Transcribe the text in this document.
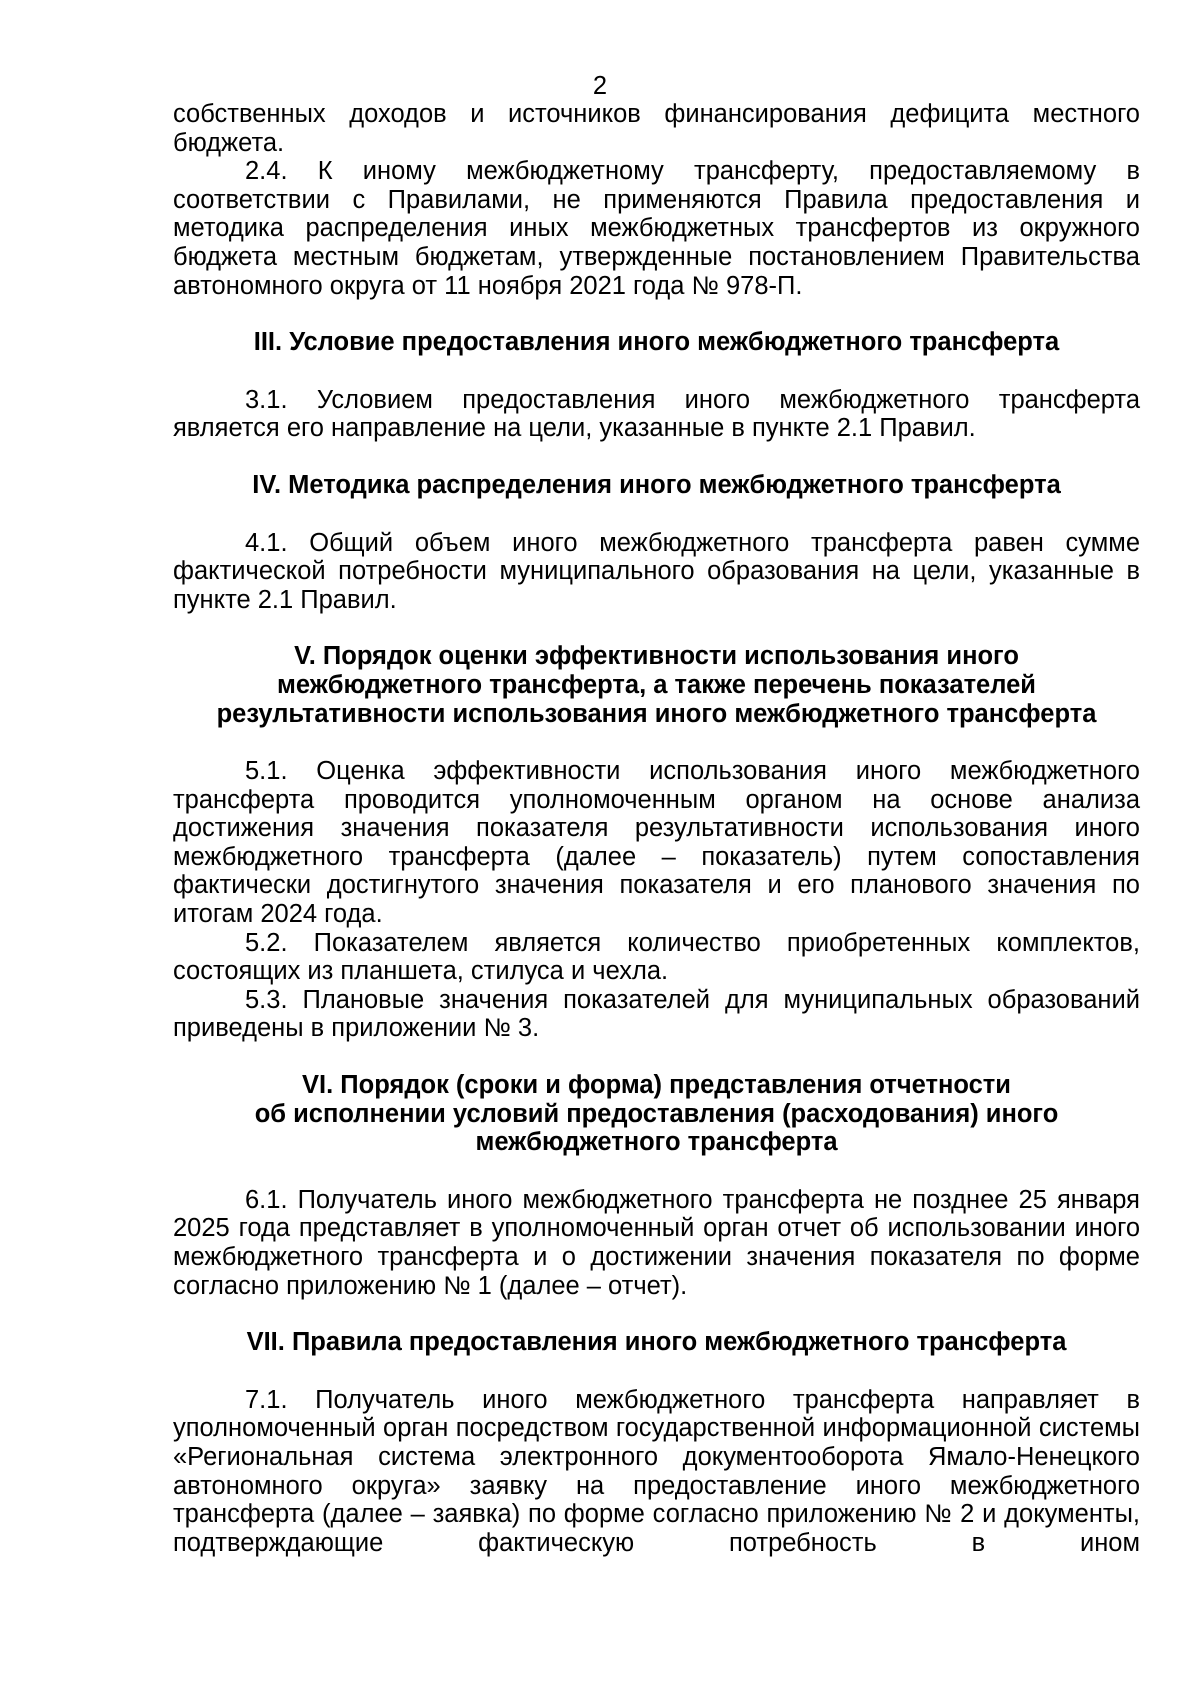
2

собственных доходов и источников финансирования дефицита местного бюджета.

2.4. К иному межбюджетному трансферту, предоставляемому в соответствии с Правилами, не применяются Правила предоставления и методика распределения иных межбюджетных трансфертов из окружного бюджета местным бюджетам, утвержденные постановлением Правительства автономного округа от 11 ноября 2021 года № 978-П.

III. Условие предоставления иного межбюджетного трансферта

3.1. Условием предоставления иного межбюджетного трансферта является его направление на цели, указанные в пункте 2.1 Правил.

IV. Методика распределения иного межбюджетного трансферта

4.1. Общий объем иного межбюджетного трансферта равен сумме фактической потребности муниципального образования на цели, указанные в пункте 2.1 Правил.

V. Порядок оценки эффективности использования иного
межбюджетного трансферта, а также перечень показателей
результативности использования иного межбюджетного трансферта

5.1. Оценка эффективности использования иного межбюджетного трансферта проводится уполномоченным органом на основе анализа достижения значения показателя результативности использования иного межбюджетного трансферта (далее – показатель) путем сопоставления фактически достигнутого значения показателя и его планового значения по итогам 2024 года.

5.2. Показателем является количество приобретенных комплектов, состоящих из планшета, стилуса и чехла.

5.3. Плановые значения показателей для муниципальных образований приведены в приложении № 3.

VI. Порядок (сроки и форма) представления отчетности
об исполнении условий предоставления (расходования) иного
межбюджетного трансферта

6.1. Получатель иного межбюджетного трансферта не позднее 25 января 2025 года представляет в уполномоченный орган отчет об использовании иного межбюджетного трансферта и о достижении значения показателя по форме согласно приложению № 1 (далее – отчет).

VII. Правила предоставления иного межбюджетного трансферта

7.1. Получатель иного межбюджетного трансферта направляет в уполномоченный орган посредством государственной информационной системы «Региональная система электронного документооборота Ямало-Ненецкого автономного округа» заявку на предоставление иного межбюджетного трансферта (далее – заявка) по форме согласно приложению № 2 и документы, подтверждающие фактическую потребность в ином
